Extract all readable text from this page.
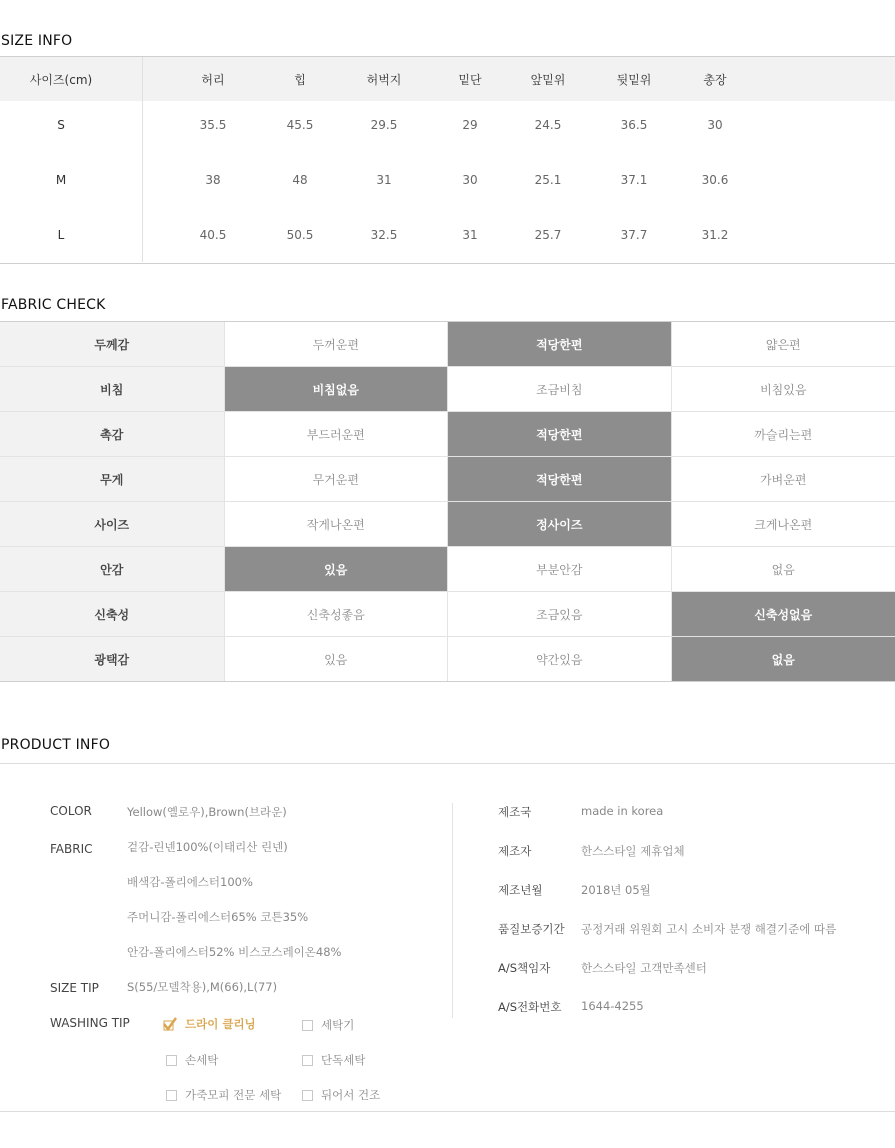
SIZE INFO
사이즈(cm)	허리	힙	허벅지	밑단	앞밑위	뒷밑위	총장
S	35.5	45.5	29.5	29	24.5	36.5	30
M	38	48	31	30	25.1	37.1	30.6
L	40.5	50.5	32.5	31	25.7	37.7	31.2
FABRIC CHECK
두께감	두꺼운편	적당한편	얇은편
비침	비침없음	조금비침	비침있음
촉감	부드러운편	적당한편	까슬리는편
무게	무거운편	적당한편	가벼운편
사이즈	작게나온편	정사이즈	크게나온편
안감	있음	부분안감	없음
신축성	신축성좋음	조금있음	신축성없음
광택감	있음	약간있음	없음
PRODUCT INFO
COLOR	Yellow(옐로우),Brown(브라운)
FABRIC	겉감-린넨100%(이태리산 린넨)
배색감-폴리에스터100%
주머니감-폴리에스터65% 코튼35%
안감-폴리에스터52% 비스코스레이온48%
SIZE TIP S(55/모델착용),M(66),L(77)
WASHING TIP	드라이 클리닝	세탁기
손세탁	단독세탁
가죽모피 전문 세탁	뒤어서 건조
제조국	made in korea
제조자	한스스타일 제휴업체
제조년월	2018년 05월
품질보증기간 공정거래 위원회 고시 소비자 분쟁 해결기준에 따름
A/S책임자	한스스타일 고객만족센터
A/S전화번호 1644-4255
